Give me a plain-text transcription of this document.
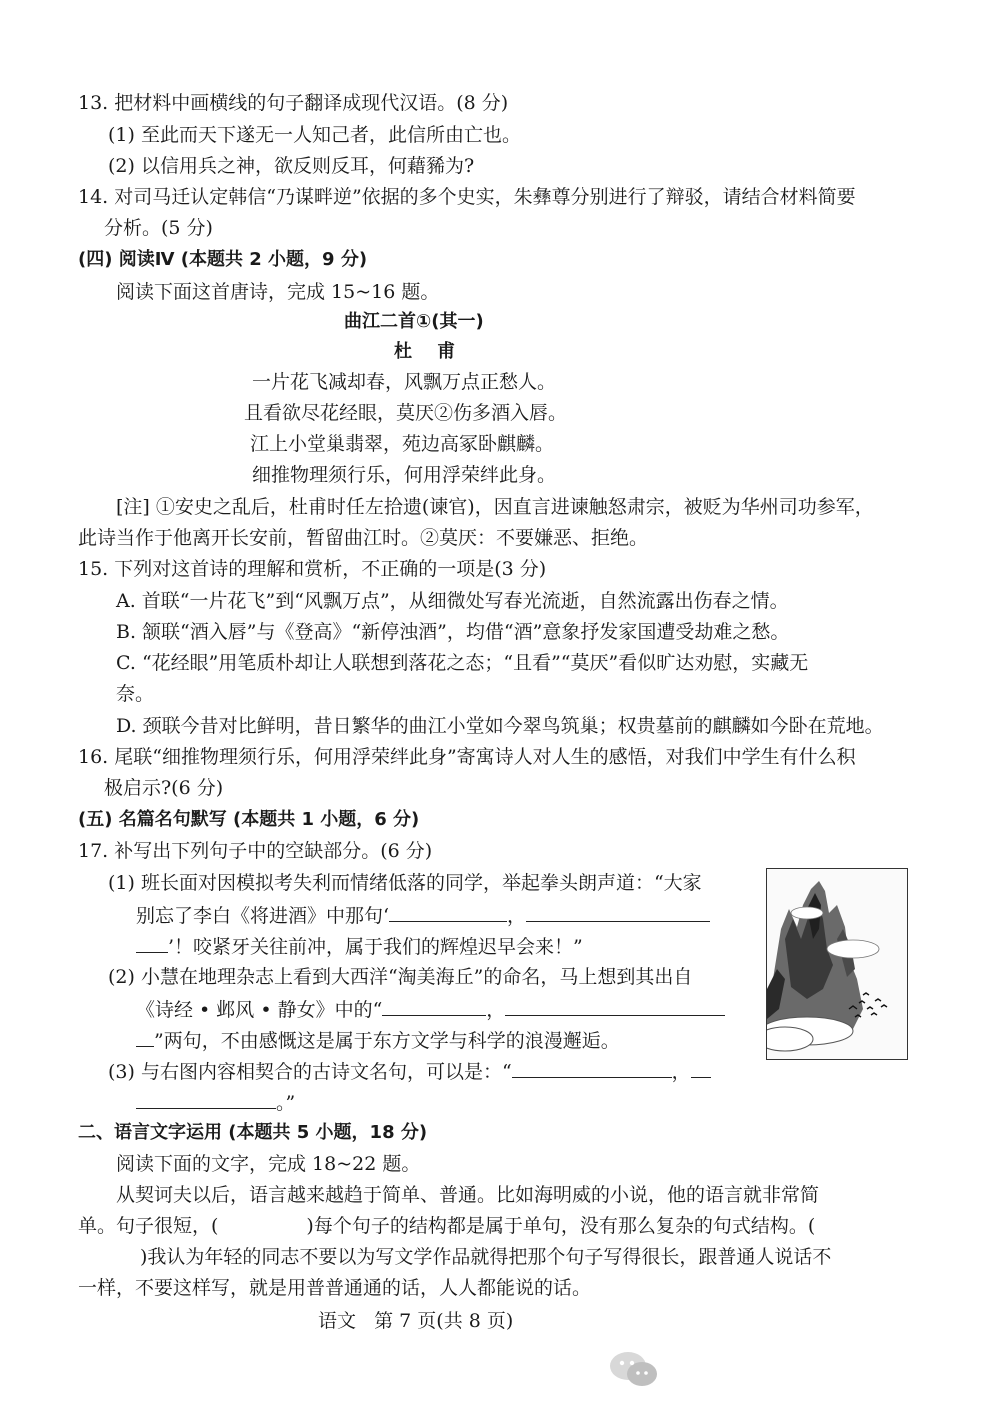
13. 把材料中画横线的句子翻译成现代汉语。(8 分)
(1) 至此而天下遂无一人知己者，此信所由亡也。
(2) 以信用兵之神，欲反则反耳，何藉豨为?
14. 对司马迁认定韩信“乃谋畔逆”依据的多个史实，朱彝尊分别进行了辩驳，请结合材料简要
分析。(5 分)
(四) 阅读Ⅳ (本题共 2 小题，9 分)
阅读下面这首唐诗，完成 15~16 题。
曲江二首①(其一)
杜    甫
一片花飞减却春，风飘万点正愁人。
且看欲尽花经眼，莫厌②伤多酒入唇。
江上小堂巢翡翠，苑边高冢卧麒麟。
细推物理须行乐，何用浮荣绊此身。
[注] ①安史之乱后，杜甫时任左拾遗(谏官)，因直言进谏触怒肃宗，被贬为华州司功参军，
此诗当作于他离开长安前，暂留曲江时。②莫厌：不要嫌恶、拒绝。
15. 下列对这首诗的理解和赏析，不正确的一项是(3 分)
A. 首联“一片花飞”到“风飘万点”，从细微处写春光流逝，自然流露出伤春之情。
B. 颔联“酒入唇”与《登高》“新停浊酒”，均借“酒”意象抒发家国遭受劫难之愁。
C. “花经眼”用笔质朴却让人联想到落花之态；“且看”“莫厌”看似旷达劝慰，实藏无
奈。
D. 颈联今昔对比鲜明，昔日繁华的曲江小堂如今翠鸟筑巢；权贵墓前的麒麟如今卧在荒地。
16. 尾联“细推物理须行乐，何用浮荣绊此身”寄寓诗人对人生的感悟，对我们中学生有什么积
极启示?(6 分)
(五) 名篇名句默写 (本题共 1 小题，6 分)
17. 补写出下列句子中的空缺部分。(6 分)
(1) 班长面对因模拟考失利而情绪低落的同学，举起拳头朗声道：“大家
别忘了李白《将进酒》中那句‘	，
’！咬紧牙关往前冲，属于我们的辉煌迟早会来！”
(2) 小慧在地理杂志上看到大西洋“淘美海丘”的命名，马上想到其出自
《诗经 • 邺风 • 静女》中的“	，
”两句，不由感慨这是属于东方文学与科学的浪漫邂逅。
(3) 与右图内容相契合的古诗文名句，可以是：“	，
。”
二、语言文字运用 (本题共 5 小题，18 分)
阅读下面的文字，完成 18~22 题。
从契诃夫以后，语言越来越趋于简单、普通。比如海明威的小说，他的语言就非常简
单。句子很短，(	)每个句子的结构都是属于单句，没有那么复杂的句式结构。(
)我认为年轻的同志不要以为写文学作品就得把那个句子写得很长，跟普通人说话不
一样，不要这样写，就是用普普通通的话，人人都能说的话。
语文   第 7 页(共 8 页)
